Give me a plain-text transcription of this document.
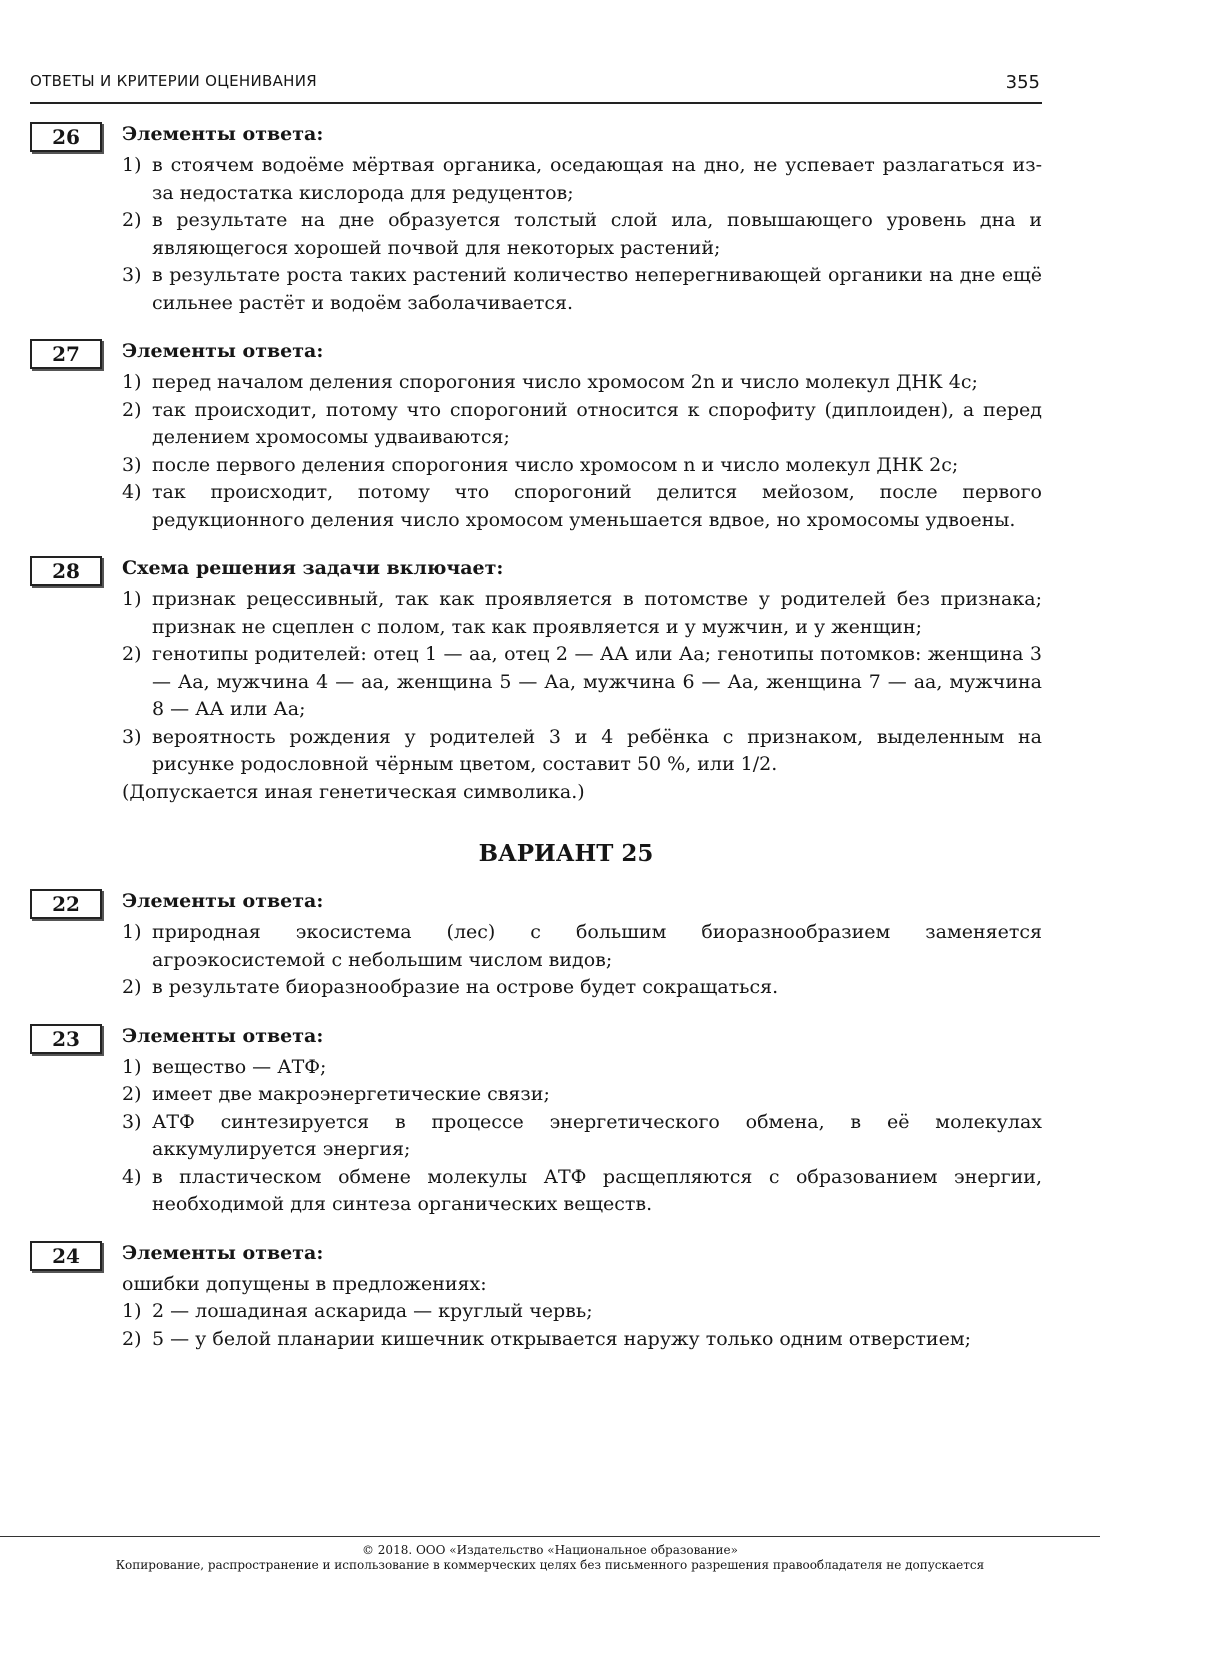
ОТВЕТЫ И КРИТЕРИИ ОЦЕНИВАНИЯ	355
26	Элементы ответа:
1) в стоячем водоёме мёртвая органика, оседающая на дно, не успевает разлагаться из-за недостатка кислорода для редуцентов;
2) в результате на дне образуется толстый слой ила, повышающего уровень дна и являющегося хорошей почвой для некоторых растений;
3) в результате роста таких растений количество неперегнивающей органики на дне ещё сильнее растёт и водоём заболачивается.
27	Элементы ответа:
1) перед началом деления спорогония число хромосом 2n и число молекул ДНК 4с;
2) так происходит, потому что спорогоний относится к спорофиту (диплоиден), а перед делением хромосомы удваиваются;
3) после первого деления спорогония число хромосом n и число молекул ДНК 2с;
4) так происходит, потому что спорогоний делится мейозом, после первого редукционного деления число хромосом уменьшается вдвое, но хромосомы удвоены.
28	Схема решения задачи включает:
1) признак рецессивный, так как проявляется в потомстве у родителей без признака; признак не сцеплен с полом, так как проявляется и у мужчин, и у женщин;
2) генотипы родителей: отец 1 — аа, отец 2 — АА или Аа; генотипы потомков: женщина 3 — Аа, мужчина 4 — аа, женщина 5 — Аа, мужчина 6 — Аа, женщина 7 — аа, мужчина 8 — АА или Аа;
3) вероятность рождения у родителей 3 и 4 ребёнка с признаком, выделенным на рисунке родословной чёрным цветом, составит 50 %, или 1/2.
(Допускается иная генетическая символика.)
ВАРИАНТ 25
22	Элементы ответа:
1) природная экосистема (лес) с большим биоразнообразием заменяется агроэкосистемой с небольшим числом видов;
2) в результате биоразнообразие на острове будет сокращаться.
23	Элементы ответа:
1) вещество — АТФ;
2) имеет две макроэнергетические связи;
3) АТФ синтезируется в процессе энергетического обмена, в её молекулах аккумулируется энергия;
4) в пластическом обмене молекулы АТФ расщепляются с образованием энергии, необходимой для синтеза органических веществ.
24	Элементы ответа:
ошибки допущены в предложениях:
1) 2 — лошадиная аскарида — круглый червь;
2) 5 — у белой планарии кишечник открывается наружу только одним отверстием;
© 2018. ООО «Издательство «Национальное образование»
Копирование, распространение и использование в коммерческих целях без письменного разрешения правообладателя не допускается
